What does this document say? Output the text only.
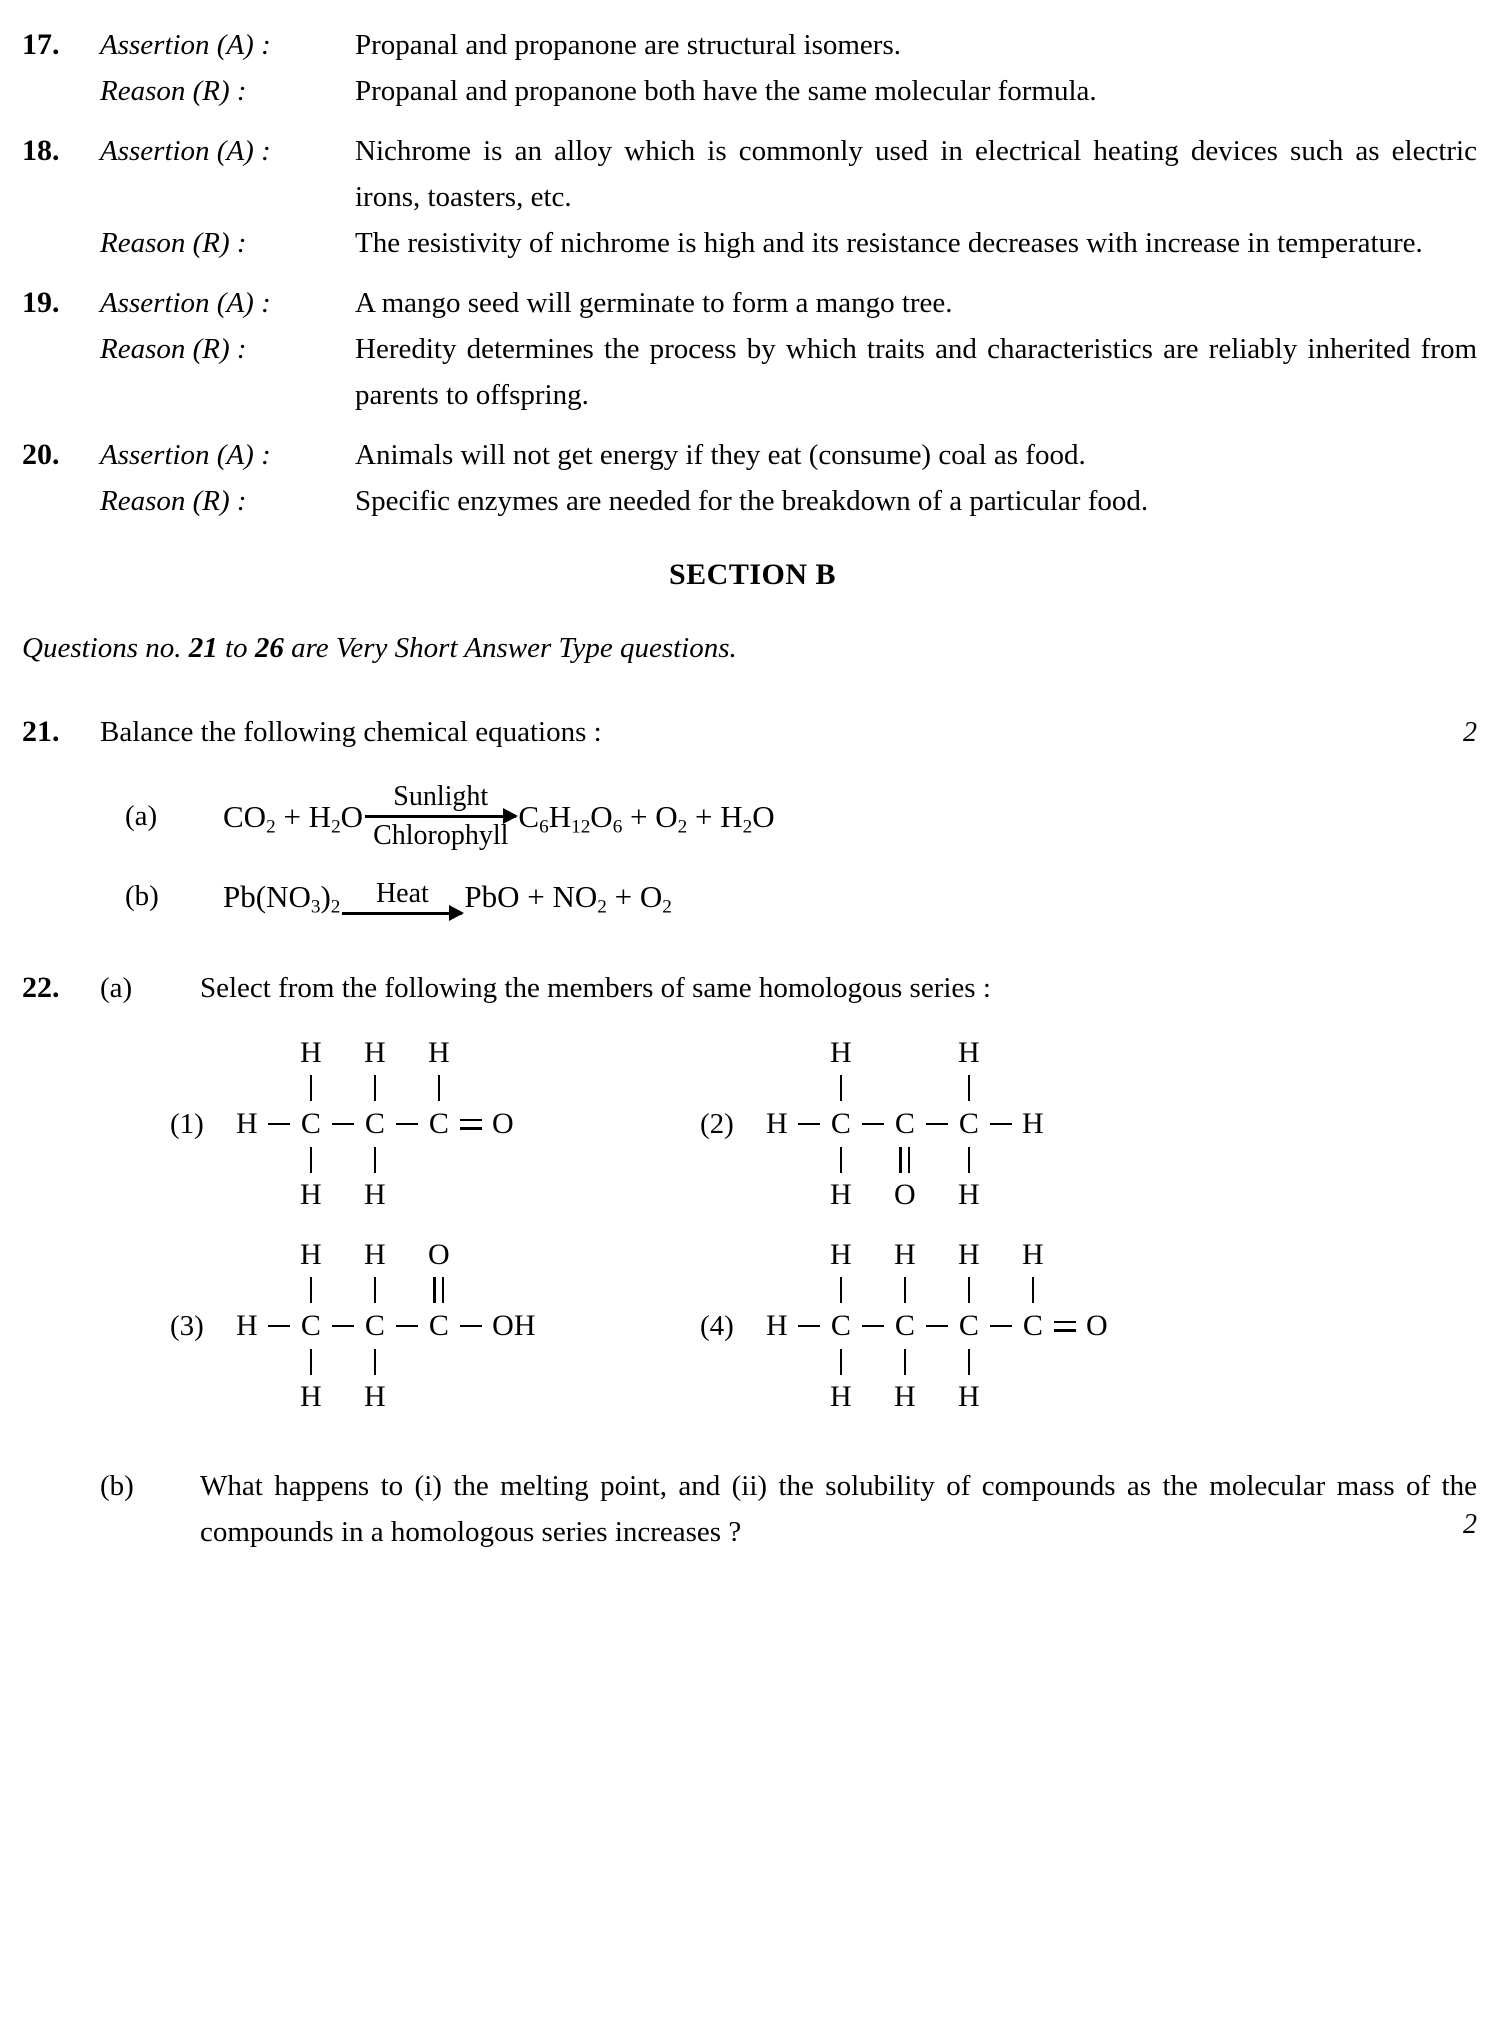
17.	Assertion (A) :	Propanal and propanone are structural isomers.
Reason (R) :	Propanal and propanone both have the same molecular formula.
18.	Assertion (A) :	Nichrome is an alloy which is commonly used in electrical heating devices such as electric irons, toasters, etc.
Reason (R) :	The resistivity of nichrome is high and its resistance decreases with increase in temperature.
19.	Assertion (A) :	A mango seed will germinate to form a mango tree.
Reason (R) :	Heredity determines the process by which traits and characteristics are reliably inherited from parents to offspring.
20.	Assertion (A) :	Animals will not get energy if they eat (consume) coal as food.
Reason (R) :	Specific enzymes are needed for the breakdown of a particular food.
SECTION B
Questions no. 21 to 26 are Very Short Answer Type questions.
21.	Balance the following chemical equations :	2
(a)	$CO_2 + H_2O$
Sunlight
Chlorophyll
$C_6H_{12}O_6 + O_2 + H_2O$
(b)	$Pb(NO_3)_2$ Heat PbO + $NO_2 + O_2$
22.	(a)	Select from the following the members of same homologous series :
(1) H
H
C
H
H
C
H
H
C O	(2) H
H
C
H
C
O
H
C
H
H
(3) H
H
C
H
H
C
H
O
C OH	(4) H
H
C
H
H
C
H
H
C
H
H
C O
(b)	What happens to (i) the melting point, and (ii) the solubility of compounds as the molecular mass of the compounds in a homologous series increases ?	2
